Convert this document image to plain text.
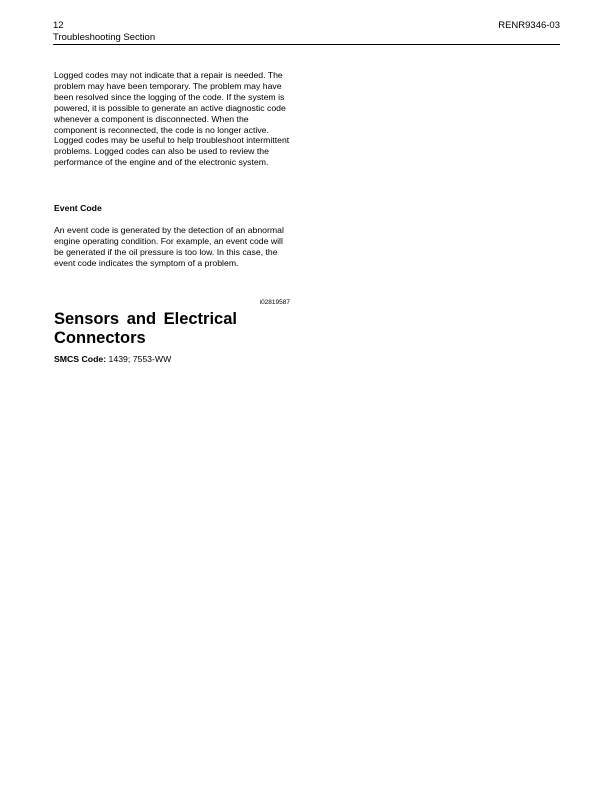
12
Troubleshooting Section
RENR9346-03
Logged codes may not indicate that a repair is needed. The problem may have been temporary. The problem may have been resolved since the logging of the code. If the system is powered, it is possible to generate an active diagnostic code whenever a component is disconnected. When the component is reconnected, the code is no longer active. Logged codes may be useful to help troubleshoot intermittent problems. Logged codes can also be used to review the performance of the engine and of the electronic system.
Event Code
An event code is generated by the detection of an abnormal engine operating condition. For example, an event code will be generated if the oil pressure is too low. In this case, the event code indicates the symptom of a problem.
i02819587
Sensors and Electrical Connectors
SMCS Code: 1439; 7553-WW
